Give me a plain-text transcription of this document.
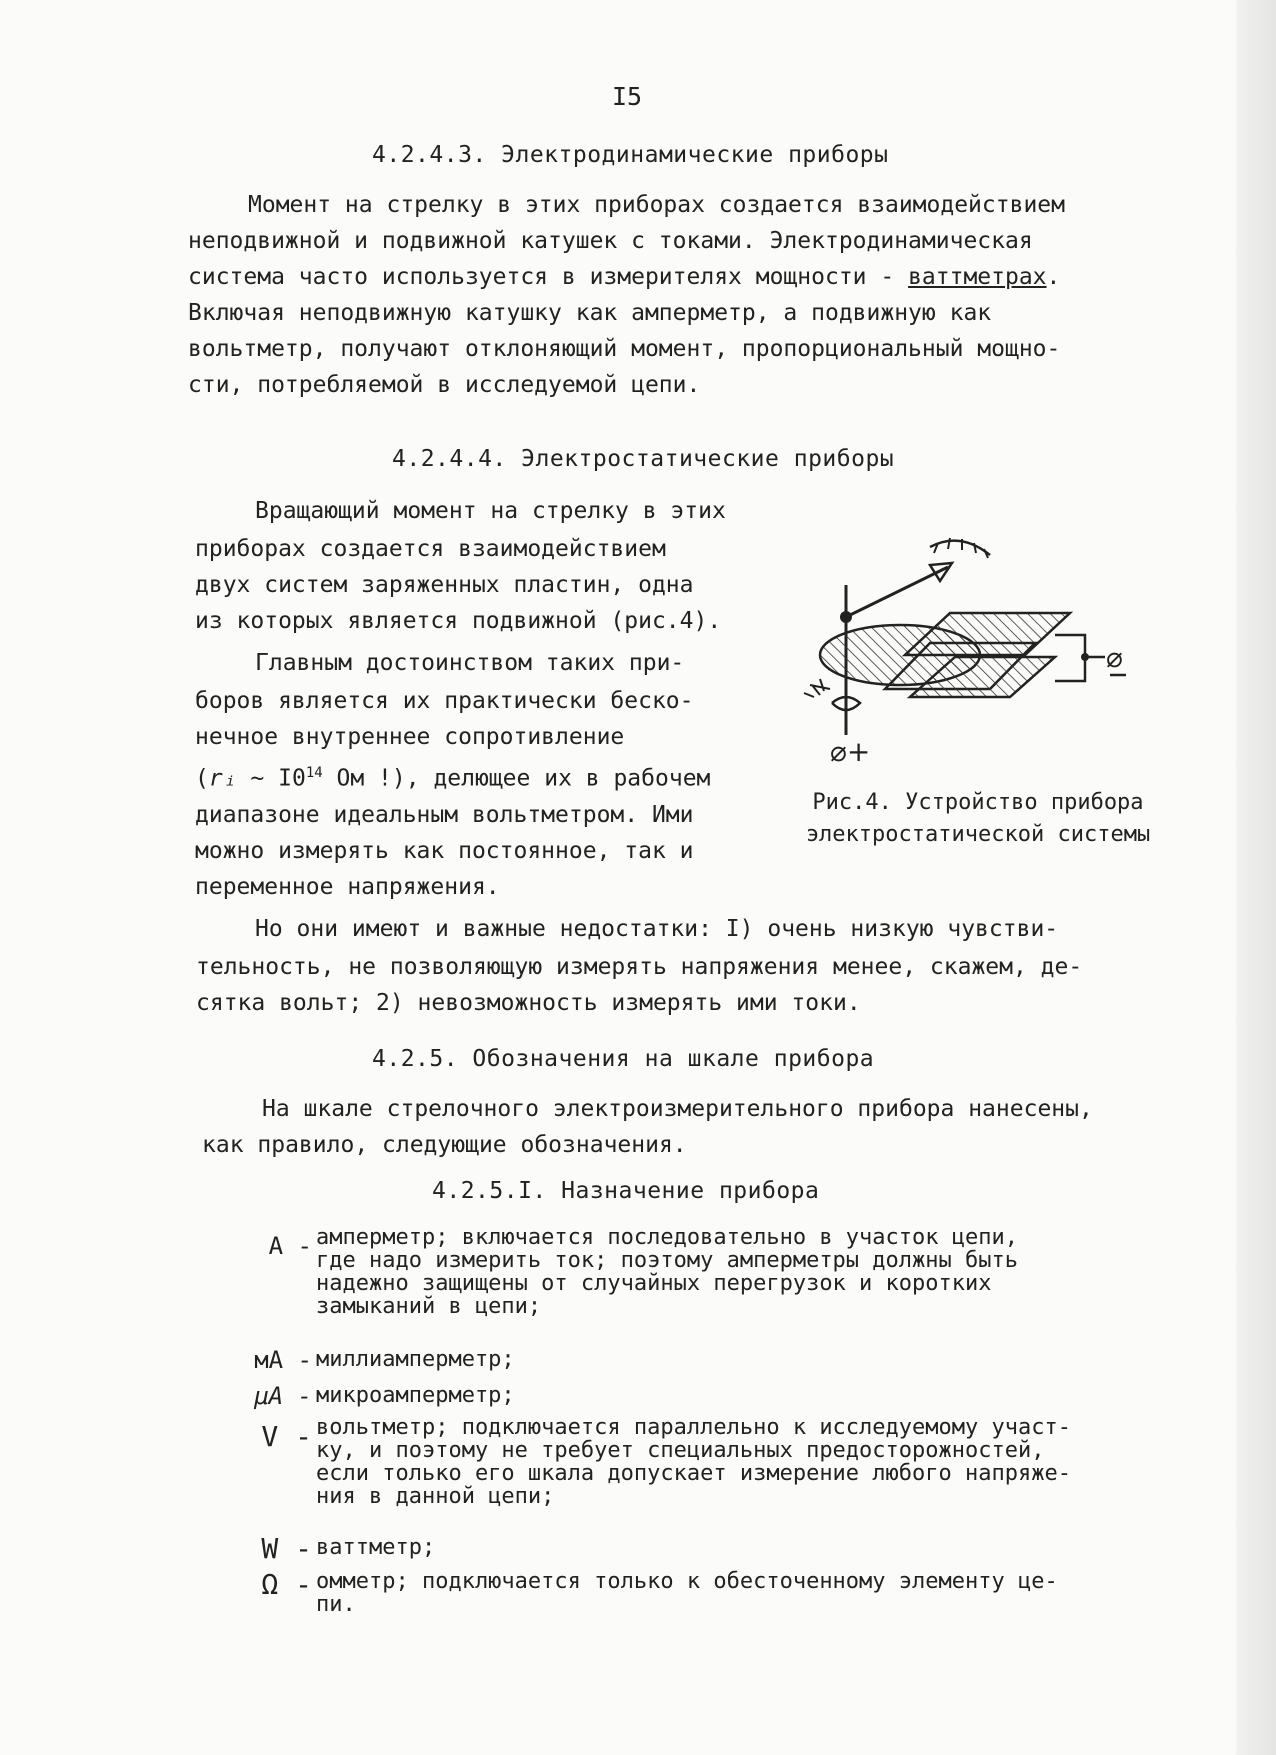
I5
4.2.4.3. Электродинамические приборы
Момент на стрелку в этих приборах создается взаимодействием
неподвижной и подвижной катушек с токами. Электродинамическая
система часто используется в измерителях мощности - ваттметрах.
Включая неподвижную катушку как амперметр, а подвижную как
вольтметр, получают отклоняющий момент, пропорциональный мощно-
сти, потребляемой в исследуемой цепи.
4.2.4.4. Электростатические приборы
Вращающий момент на стрелку в этих
приборах создается взаимодействием
двух систем заряженных пластин, одна
из которых является подвижной (рис.4).
Главным достоинством таких при-
боров является их практически беско-
нечное внутреннее сопротивление
(rᵢ ~ $I0^{14}$ Ом !), делющее их в рабочем
диапазоне идеальным вольтметром. Ими
можно измерять как постоянное, так и
переменное напряжения.
⌀
⌀+
Рис.4. Устройство прибора
электростатической системы
Но они имеют и важные недостатки: I) очень низкую чувстви-
тельность, не позволяющую измерять напряжения менее, скажем, де-
сятка вольт; 2) невозможность измерять ими токи.
4.2.5. Обозначения на шкале прибора
На шкале стрелочного электроизмерительного прибора нанесены,
как правило, следующие обозначения.
4.2.5.I. Назначение прибора
А - амперметр; включается последовательно в участок цепи,
где надо измерить ток; поэтому амперметры должны быть
надежно защищены от случайных перегрузок и коротких
замыканий в цепи;
мА - миллиамперметр;
μА - микроамперметр;
V - вольтметр; подключается параллельно к исследуемому участ-
ку, и поэтому не требует специальных предосторожностей,
если только его шкала допускает измерение любого напряже-
ния в данной цепи;
W - ваттметр;
Ω - омметр; подключается только к обесточенному элементу це-
пи.
